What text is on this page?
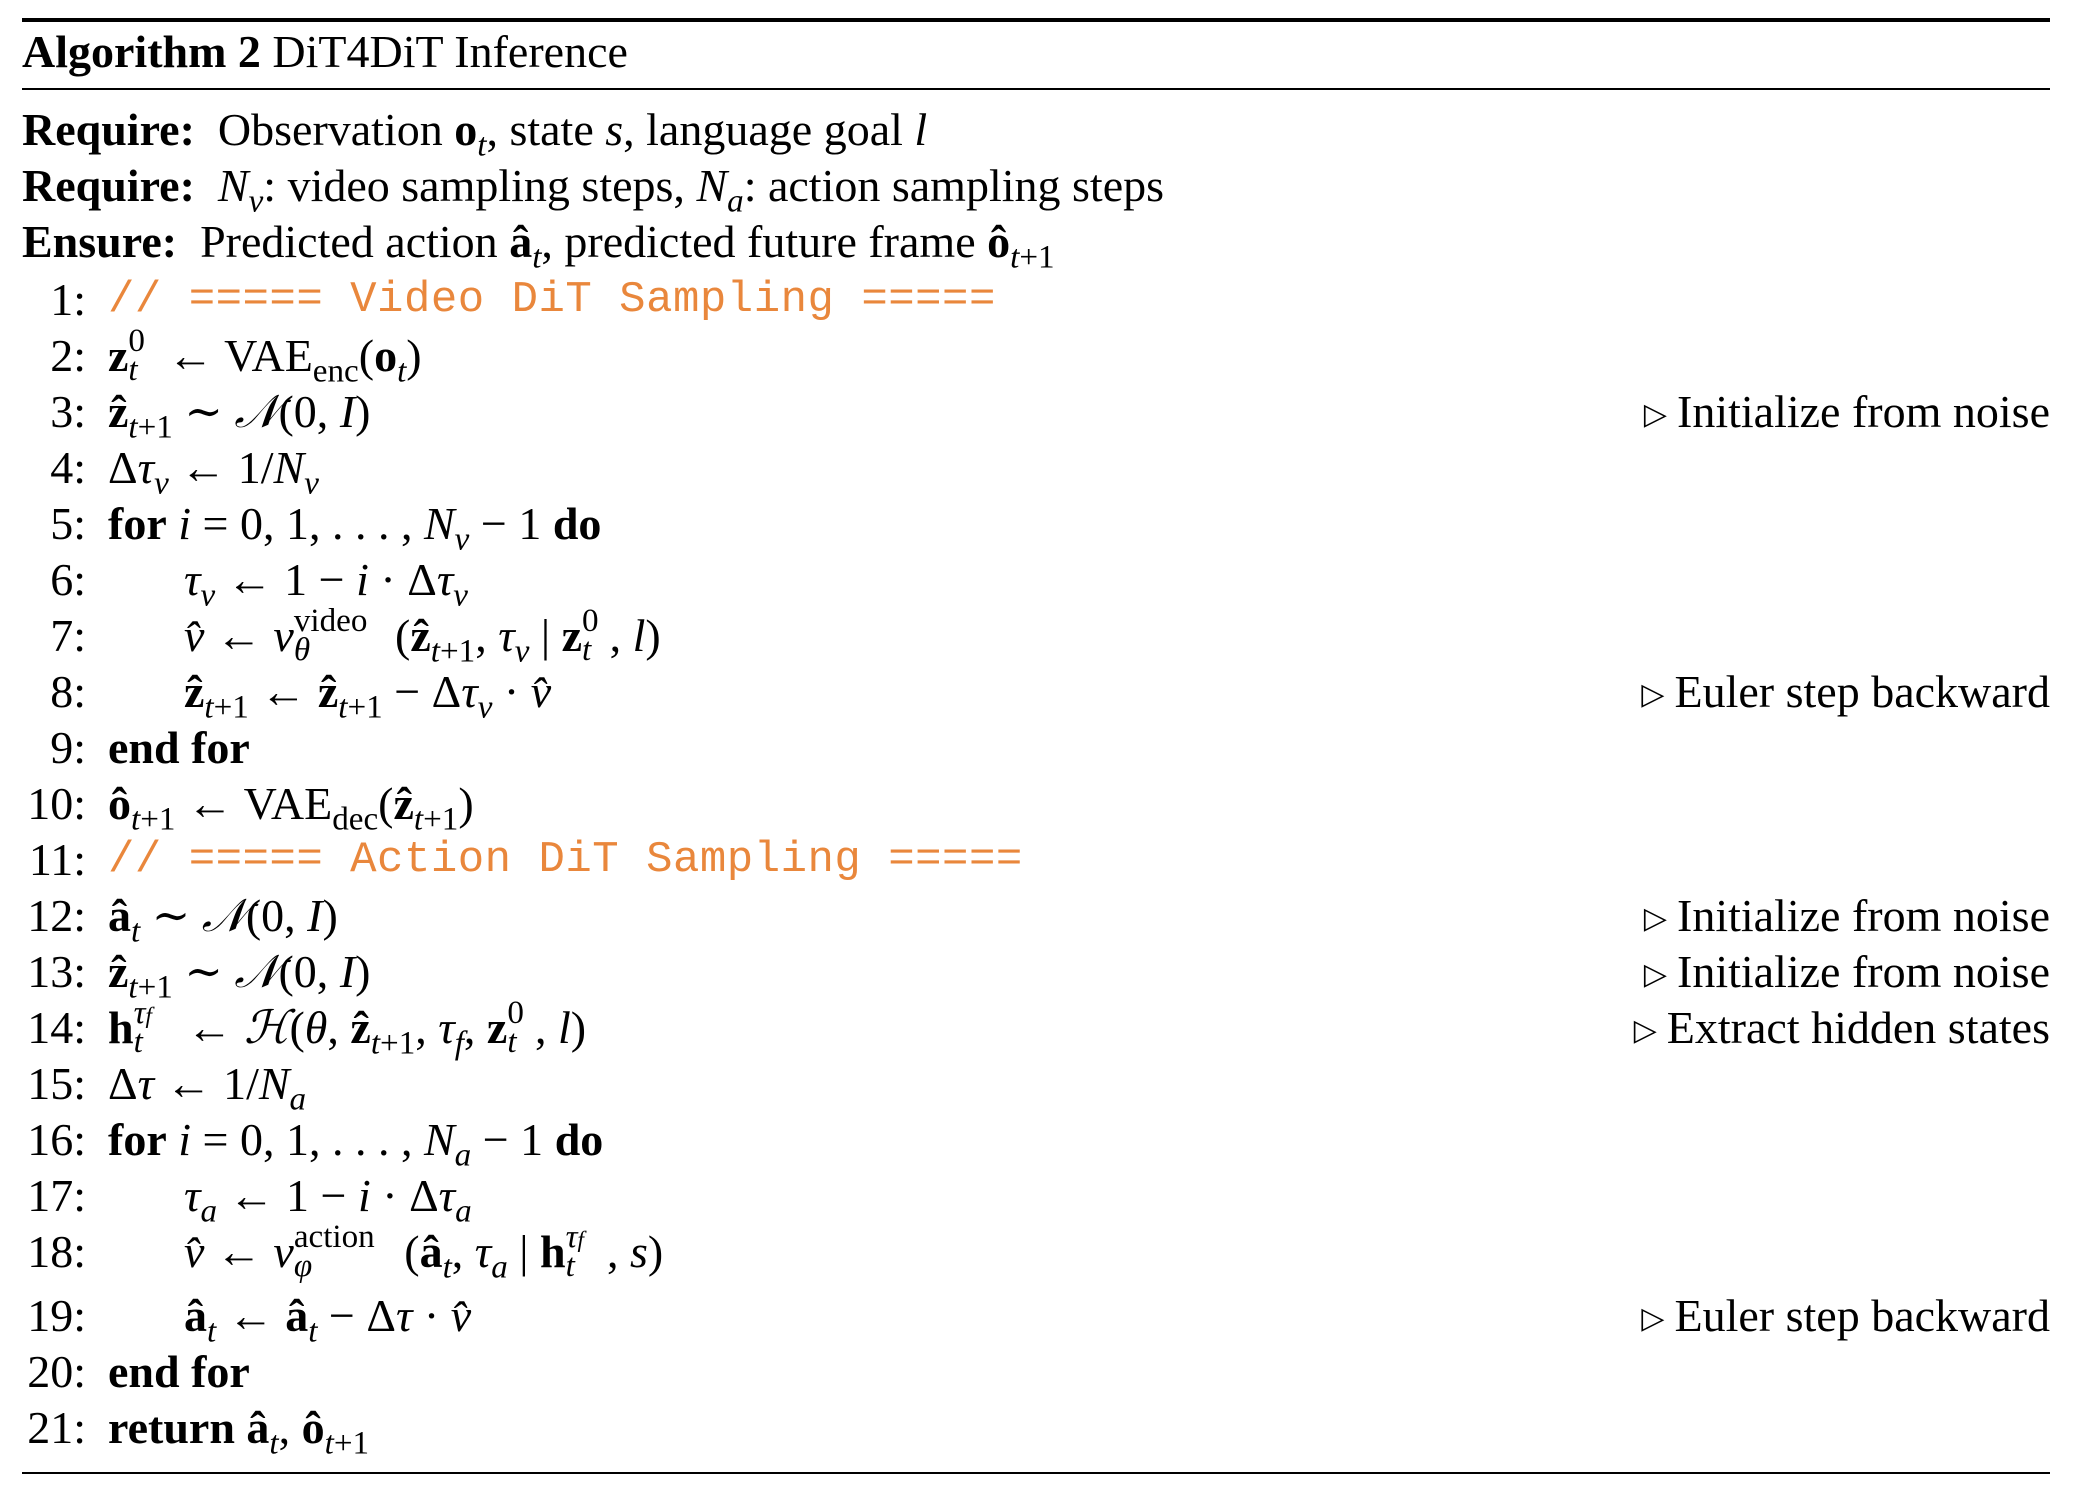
Algorithm 2 DiT4DiT Inference
Require: Observation $o_t$, state s, language goal l
Require: $N_v$: video sampling steps, $N_a$: action sampling steps
Ensure: Predicted action $â_t$, predicted future frame $ô_{t+1}$
1: // ===== Video DiT Sampling =====
2: z 0
t ← $VAE_{enc}(o_t)$
3: ẑ$_{t+1}$ ∼ 𝒩(0, I)	▷ Initialize from noise
4: $\Delta\tau_v$ ← $1/N_v$
5: for i = 0, 1, . . . , $N_v - 1$ do
6: $\tau_v$ ← $1 - i \cdot \Delta\tau_v$
7: v̂ ← v video
θ (ẑ$_{t+1}$, $\tau_v$ | z 0
t , l)
8: ẑ$_{t+1}$ ← ẑ$_{t+1}$ − $\Delta\tau_v$ · v̂	▷ Euler step backward
9: end for
10: $ô_{t+1}$ ← $VAE_{dec}(ẑ_{t+1})$
11: // ===== Action DiT Sampling =====
12: $â_t$ ∼ 𝒩(0, I)	▷ Initialize from noise
13: ẑ$_{t+1}$ ∼ 𝒩(0, I)	▷ Initialize from noise
14: h τf
t ← ℋ(θ, ẑ$_{t+1}$, $\tau_f$, z 0
t , l)	▷ Extract hidden states
15: Δτ ← $1/N_a$
16: for i = 0, 1, . . . , $N_a - 1$ do
17: $\tau_a$ ← $1 - i \cdot \Delta\tau_a$
18: v̂ ← v action
φ ($â_t$, $\tau_a$ | h τf
t , s)
19: $â_t$ ← $â_t - \Delta\tau$ · v̂	▷ Euler step backward
20: end for
21: return $â_t$, $ô_{t+1}$
